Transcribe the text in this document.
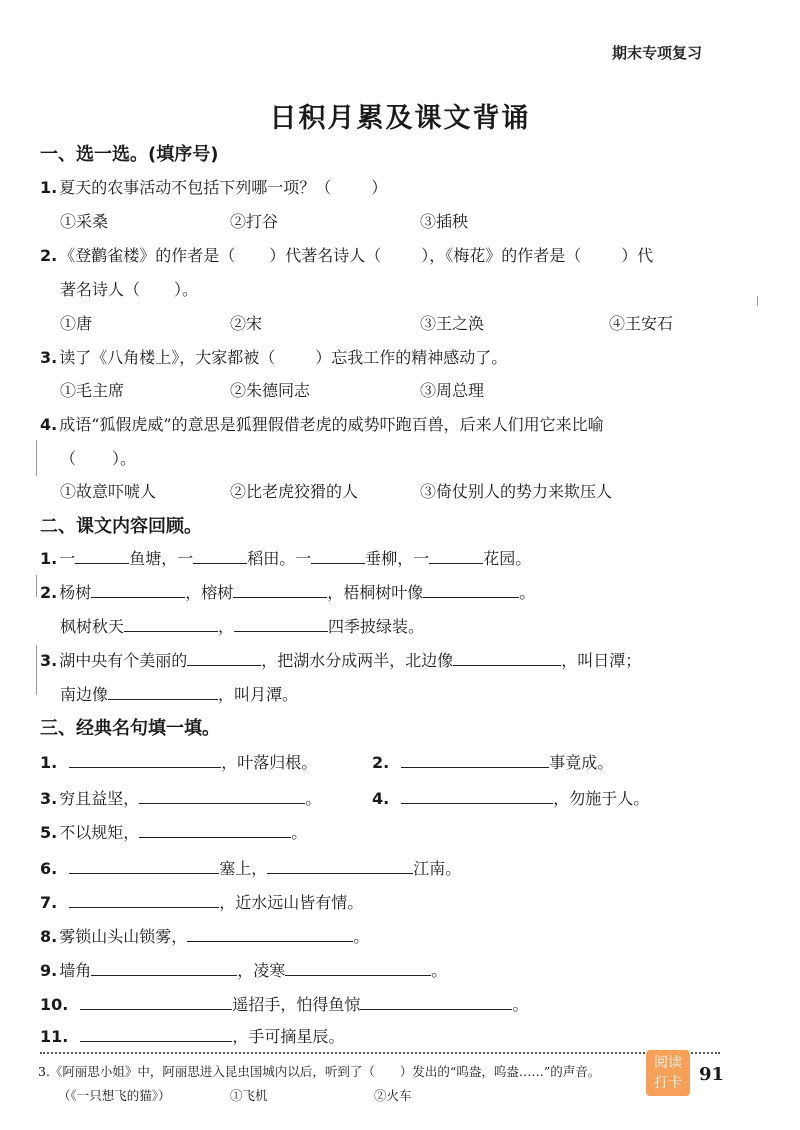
期末专项复习
日积月累及课文背诵
一、选一选。(填序号)
1. 夏天的农事活动不包括下列哪一项？（	）
①采桑	②打谷	③插秧
2. 《登鹳雀楼》的作者是（ ）代著名诗人（	），《梅花》的作者是（	）代
著名诗人（ ）。
①唐	②宋	③王之涣	④王安石
3. 读了《八角楼上》，大家都被（	）忘我工作的精神感动了。
①毛主席	②朱德同志	③周总理
4. 成语“狐假虎威”的意思是狐狸假借老虎的威势吓跑百兽，后来人们用它来比喻
（ ）。
①故意吓唬人	②比老虎狡猾的人	③倚仗别人的势力来欺压人
二、课文内容回顾。
1. 一	鱼塘，一	稻田。一	垂柳，一	花园。
2. 杨树	，榕树	，梧桐树叶像	。
枫树秋天	，	四季披绿装。
3. 湖中央有个美丽的	，把湖水分成两半，北边像	，叫日潭；
南边像	，叫月潭。
三、经典名句填一填。
1.	，叶落归根。	2.	事竟成。
3. 穷且益坚，	。	4.	，勿施于人。
5. 不以规矩，	。
6.	塞上，	江南。
7.	，近水远山皆有情。
8. 雾锁山头山锁雾，	。
9. 墙角	，凌寒	。
10.	遥招手，怕得鱼惊	。
11.	，手可摘星辰。
3.《阿丽思小姐》中，阿丽思进入昆虫国城内以后，听到了（　　）发出的“呜盎，呜盎……”的声音。
（《一只想飞的猫》）	①飞机	②火车
阅读
打卡 91
